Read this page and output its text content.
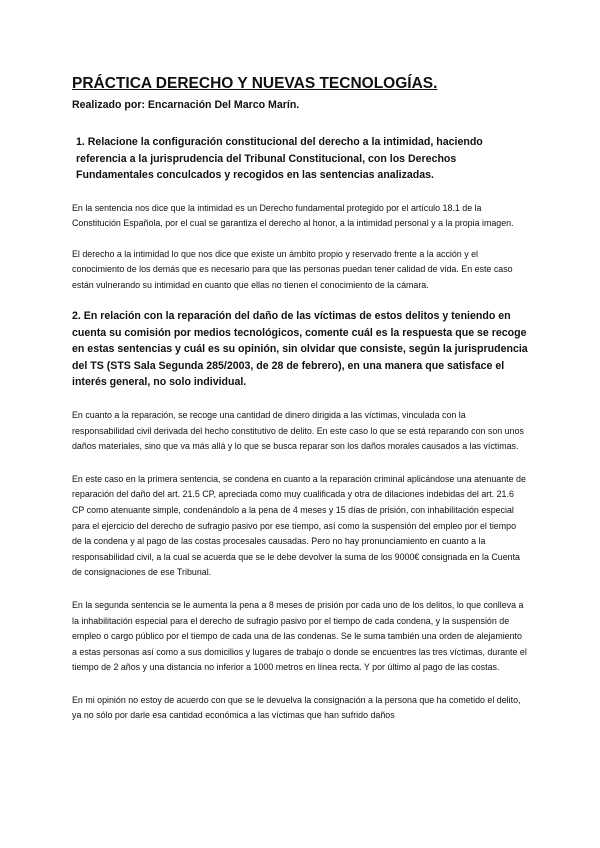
PRÁCTICA DERECHO Y NUEVAS TECNOLOGÍAS.

Realizado por: Encarnación Del Marco Marín.

1. Relacione la configuración constitucional del derecho a la intimidad, haciendo referencia a la jurisprudencia del Tribunal Constitucional, con los Derechos Fundamentales conculcados y recogidos en las sentencias analizadas.

En la sentencia nos dice que la intimidad es un Derecho fundamental protegido por el artículo 18.1 de la Constitución Española, por el cual se garantiza el derecho al honor, a la intimidad personal y a la propia imagen.

El derecho a la intimidad lo que nos dice que existe un ámbito propio y reservado frente a la acción y el conocimiento de los demás que es necesario para que las personas puedan tener calidad de vida. En este caso están vulnerando su intimidad en cuanto que ellas no tienen el conocimiento de la cámara.

2. En relación con la reparación del daño de las víctimas de estos delitos y teniendo en cuenta su comisión por medios tecnológicos, comente cuál es la respuesta que se recoge en estas sentencias y cuál es su opinión, sin olvidar que consiste, según la jurisprudencia del TS (STS Sala Segunda 285/2003, de 28 de febrero), en una manera que satisface el interés general, no solo individual.

En cuanto a la reparación, se recoge una cantidad de dinero dirigida a las víctimas, vinculada con la responsabilidad civil derivada del hecho constitutivo de delito. En este caso lo que se está reparando con son unos daños materiales, sino que va más allá y lo que se busca reparar son los daños morales causados a las víctimas.

En este caso en la primera sentencia, se condena en cuanto a la reparación criminal aplicándose una atenuante de reparación del daño del art. 21.5 CP, apreciada como muy cualificada y otra de dilaciones indebidas del art. 21.6 CP como atenuante simple, condenándolo a la pena de 4 meses y 15 días de prisión, con inhabilitación especial para el ejercicio del derecho de sufragio pasivo por ese tiempo, así como la suspensión del empleo por el tiempo de la condena y al pago de las costas procesales causadas. Pero no hay pronunciamiento en cuanto a la responsabilidad civil, a la cual se acuerda que se le debe devolver la suma de los 9000€ consignada en la Cuenta de consignaciones de ese Tribunal.

En la segunda sentencia se le aumenta la pena a 8 meses de prisión por cada uno de los delitos, lo que conlleva a la inhabilitación especial para el derecho de sufragio pasivo por el tiempo de cada condena, y la suspensión de empleo o cargo público por el tiempo de cada una de las condenas. Se le suma también una orden de alejamiento a estas personas así como a sus domicilios y lugares de trabajo o donde se encuentres las tres víctimas, durante el tiempo de 2 años y una distancia no inferior a 1000 metros en línea recta. Y por último al pago de las costas.

En mi opinión no estoy de acuerdo con que se le devuelva la consignación a la persona que ha cometido el delito, ya no sólo por darle esa cantidad económica a las víctimas que han sufrido daños
